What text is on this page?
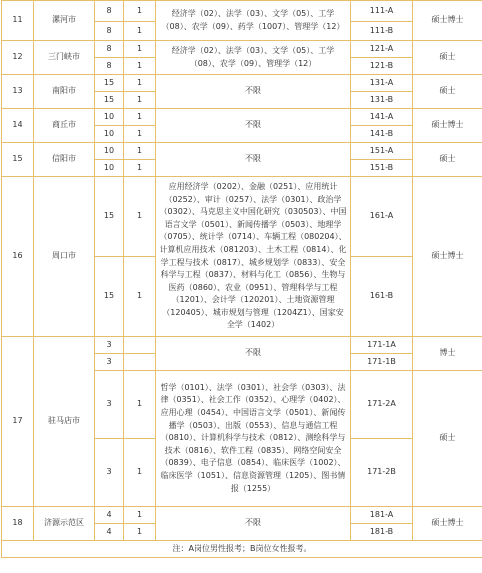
11	漯河市	8	1	经济学（02）、法学（03）、文学（05）、工学（08）、农学（09）、药学（1007）、管理学（12）	111-A	硕士博士
		8	1		111-B	
12	三门峡市	8	1	经济学（02）、法学（03）、文学（05）、工学（08）、农学（09）、管理学（12）	121-A	硕士
		8	1		121-B	
13	南阳市	15	1	不限	131-A	硕士
		15	1		131-B	
14	商丘市	10	1	不限	141-A	硕士博士
		10	1		141-B	
15	信阳市	10	1	不限	151-A	硕士
		10	1		151-B	
16	周口市	15	1	应用经济学（0202）、金融（0251）、应用统计（0252）、审计（0257）、法学（0301）、政治学（0302）、马克思主义中国化研究（030503）、中国语言文学（0501）、新闻传播学（0503）、地理学（0705）、统计学（0714）、车辆工程（080204）、计算机应用技术（081203）、土木工程（0814）、化学工程与技术（0817）、城乡规划学（0833）、安全科学与工程（0837）、材料与化工（0856）、生物与医药（0860）、农业（0951）、管理科学与工程（1201）、会计学（120201）、土地资源管理（120405）、城市规划与管理（1204Z1）、国家安全学（1402）	161-A	硕士博士
		15	1		161-B	
17	驻马店市	3		不限	171-1A	博士
		3			171-1B	
		3	1	哲学（0101）、法学（0301）、社会学（0303）、法律（0351）、社会工作（0352）、心理学（0402）、应用心理（0454）、中国语言文学（0501）、新闻传播学（0503）、出版（0553）、信息与通信工程（0810）、计算机科学与技术（0812）、测绘科学与技术（0816）、软件工程（0835）、网络空间安全（0839）、电子信息（0854）、临床医学（1002）、临床医学（1051）、信息资源管理（1205）、图书情报（1255）	171-2A	硕士
		3	1		171-2B	
18	济源示范区	4	1	不限	181-A	硕士博士
		4	1		181-B	
注：A岗位男性报考；B岗位女性报考。						
